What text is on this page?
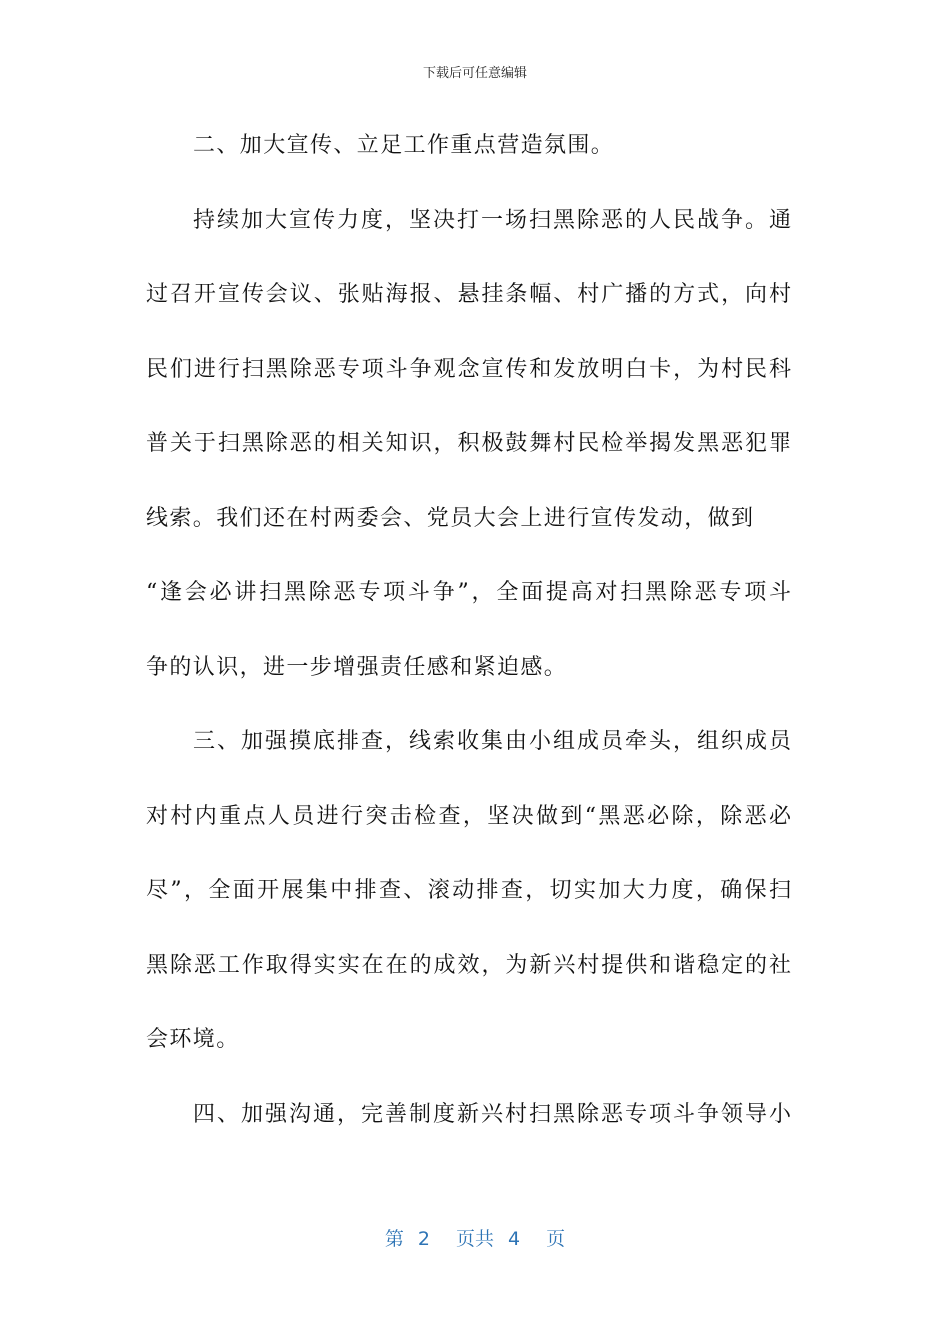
下载后可任意编辑
二、加大宣传、立足工作重点营造氛围。
持续加大宣传力度，坚决打一场扫黑除恶的人民战争。通
过召开宣传会议、张贴海报、悬挂条幅、村广播的方式，向村
民们进行扫黑除恶专项斗争观念宣传和发放明白卡，为村民科
普关于扫黑除恶的相关知识，积极鼓舞村民检举揭发黑恶犯罪
线索。我们还在村两委会、党员大会上进行宣传发动，做到
“逢会必讲扫黑除恶专项斗争”，全面提高对扫黑除恶专项斗
争的认识，进一步增强责任感和紧迫感。
三、加强摸底排查，线索收集由小组成员牵头，组织成员
对村内重点人员进行突击检查，坚决做到“黑恶必除，除恶必
尽”，全面开展集中排查、滚动排查，切实加大力度，确保扫
黑除恶工作取得实实在在的成效，为新兴村提供和谐稳定的社
会环境。
四、加强沟通，完善制度新兴村扫黑除恶专项斗争领导小
第 2 页共 4 页
